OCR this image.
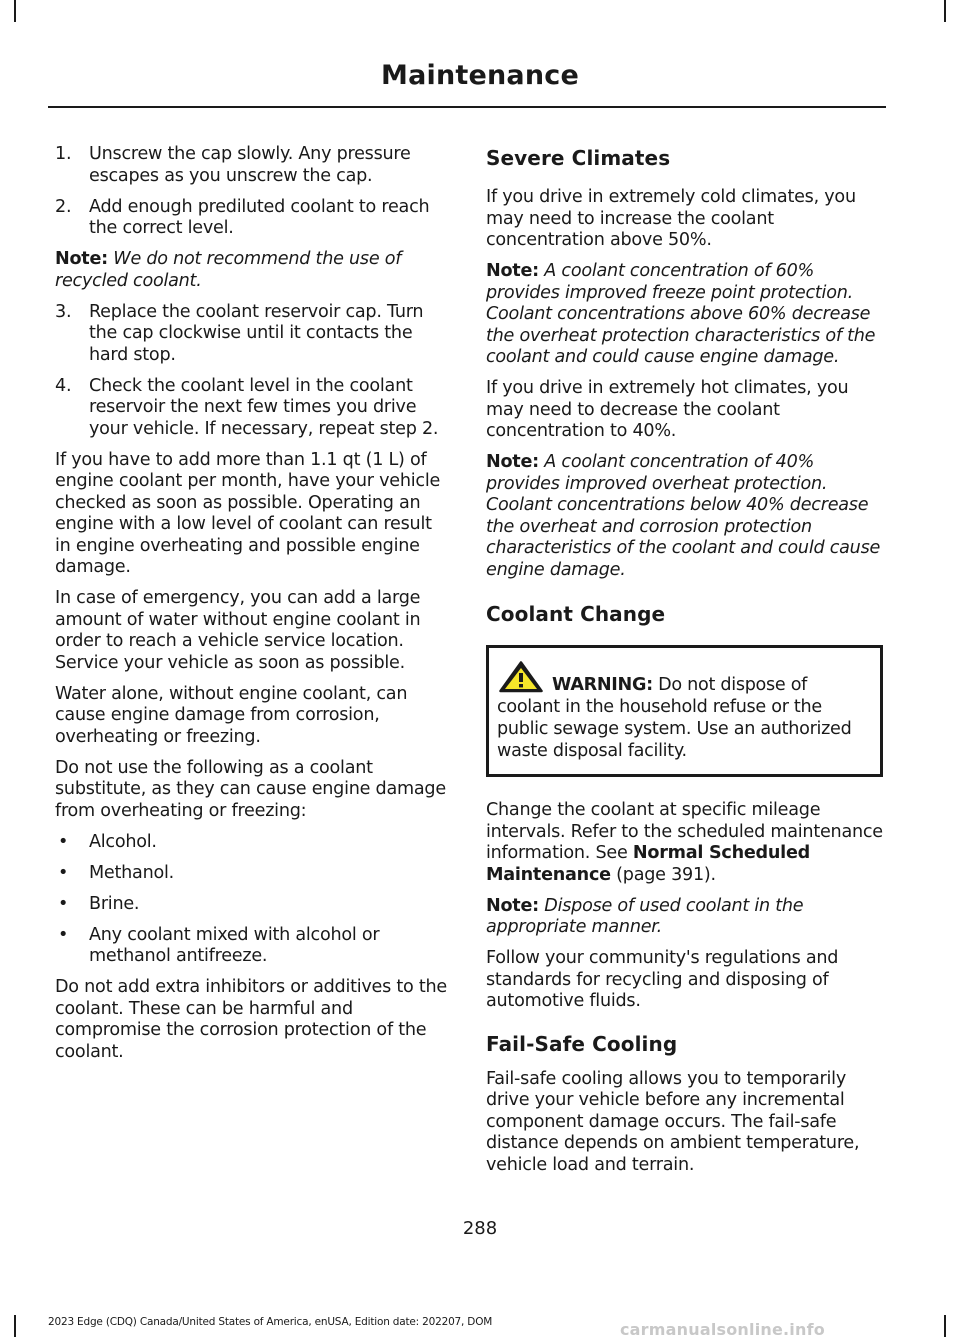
Maintenance
1. Unscrew the cap slowly. Any pressure escapes as you unscrew the cap.
2. Add enough prediluted coolant to reach the correct level.

Note: We do not recommend the use of recycled coolant.

3. Replace the coolant reservoir cap. Turn the cap clockwise until it contacts the hard stop.
4. Check the coolant level in the coolant reservoir the next few times you drive your vehicle. If necessary, repeat step 2.

If you have to add more than 1.1 qt (1 L) of engine coolant per month, have your vehicle checked as soon as possible. Operating an engine with a low level of coolant can result in engine overheating and possible engine damage.

In case of emergency, you can add a large amount of water without engine coolant in order to reach a vehicle service location. Service your vehicle as soon as possible.

Water alone, without engine coolant, can cause engine damage from corrosion, overheating or freezing.

Do not use the following as a coolant substitute, as they can cause engine damage from overheating or freezing:

• Alcohol.
• Methanol.
• Brine.
• Any coolant mixed with alcohol or methanol antifreeze.

Do not add extra inhibitors or additives to the coolant. These can be harmful and compromise the corrosion protection of the coolant.

Severe Climates

If you drive in extremely cold climates, you may need to increase the coolant concentration above 50%.

Note: A coolant concentration of 60% provides improved freeze point protection. Coolant concentrations above 60% decrease the overheat protection characteristics of the coolant and could cause engine damage.

If you drive in extremely hot climates, you may need to decrease the coolant concentration to 40%.

Note: A coolant concentration of 40% provides improved overheat protection. Coolant concentrations below 40% decrease the overheat and corrosion protection characteristics of the coolant and could cause engine damage.

Coolant Change
WARNING: Do not dispose of coolant in the household refuse or the public sewage system. Use an authorized waste disposal facility.

Change the coolant at specific mileage intervals. Refer to the scheduled maintenance information. See Normal Scheduled Maintenance (page 391).

Note: Dispose of used coolant in the appropriate manner.

Follow your community's regulations and standards for recycling and disposing of automotive fluids.

Fail-Safe Cooling

Fail-safe cooling allows you to temporarily drive your vehicle before any incremental component damage occurs. The fail-safe distance depends on ambient temperature, vehicle load and terrain.

288
2023 Edge (CDQ) Canada/United States of America, enUSA, Edition date: 202207, DOM	carmanualsonline.info
